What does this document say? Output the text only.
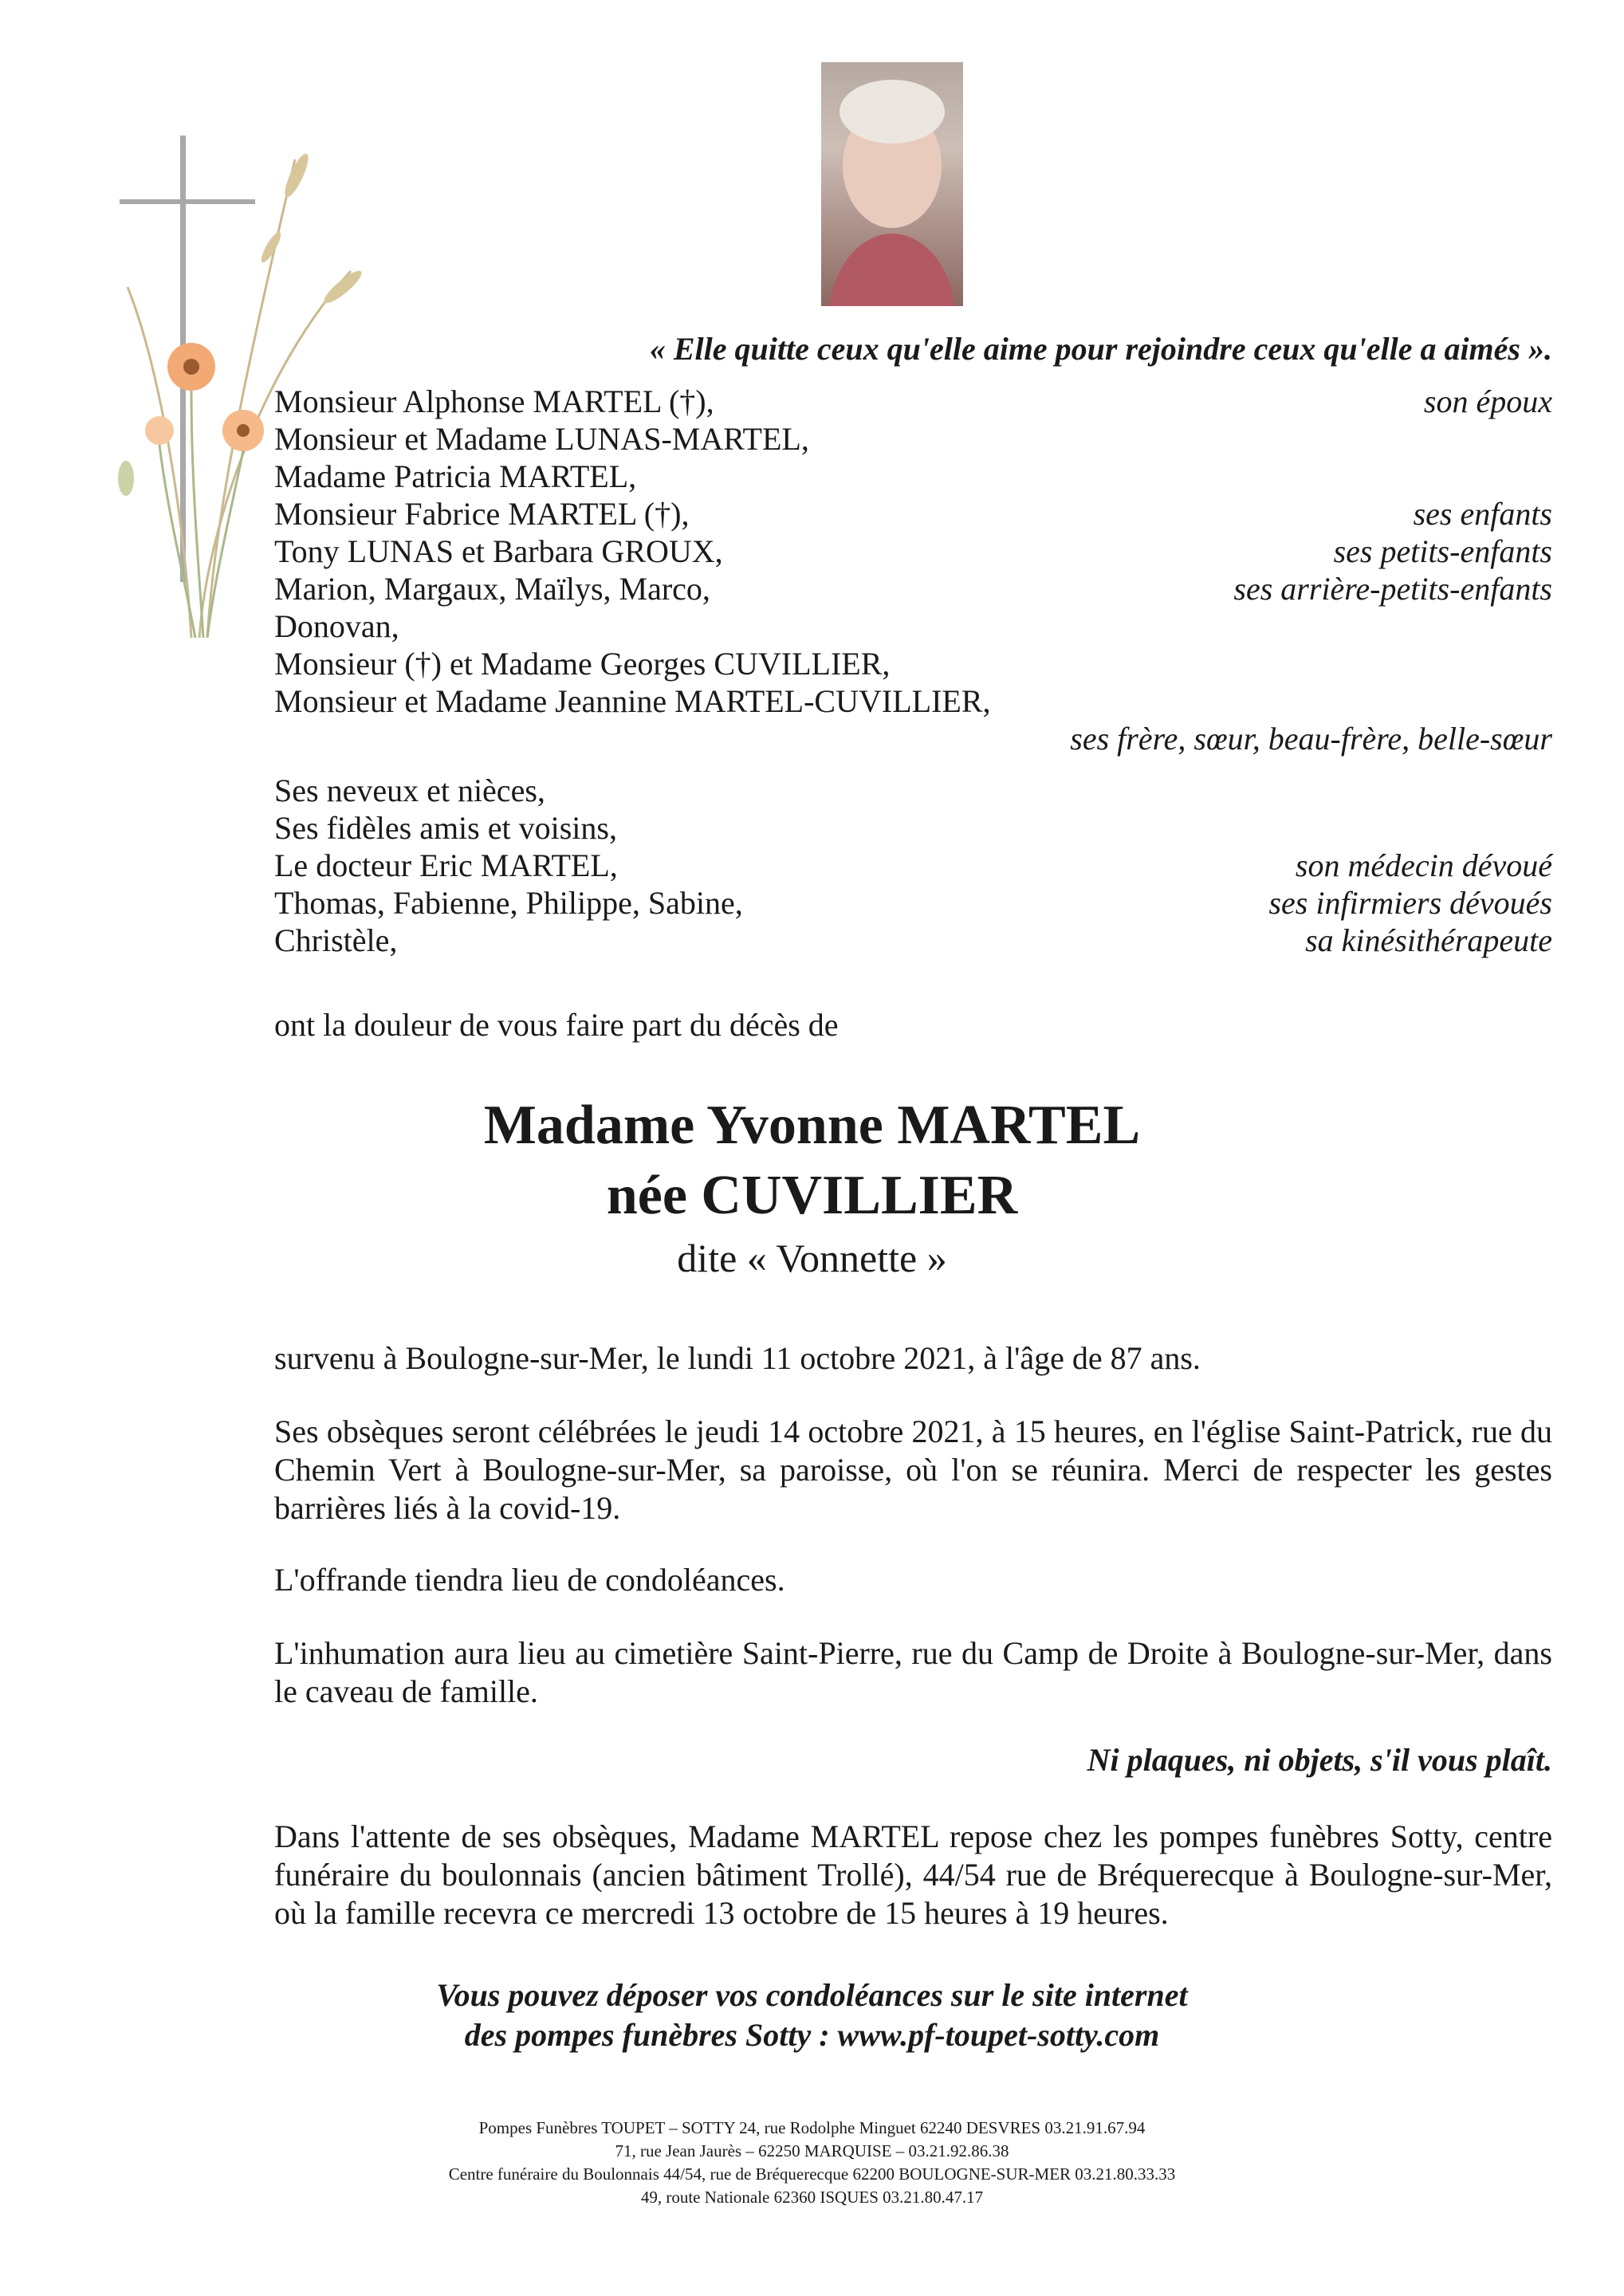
« Elle quitte ceux qu'elle aime pour rejoindre ceux qu'elle a aimés ».
Monsieur Alphonse MARTEL (†),	son époux
Monsieur et Madame LUNAS-MARTEL,
Madame Patricia MARTEL,
Monsieur Fabrice MARTEL (†),	ses enfants
Tony LUNAS et Barbara GROUX,	ses petits-enfants
Marion, Margaux, Maïlys, Marco,	ses arrière-petits-enfants
Donovan,
Monsieur (†) et Madame Georges CUVILLIER,
Monsieur et Madame Jeannine MARTEL-CUVILLIER,
ses frère, sœur, beau-frère, belle-sœur
Ses neveux et nièces,
Ses fidèles amis et voisins,
Le docteur Eric MARTEL,	son médecin dévoué
Thomas, Fabienne, Philippe, Sabine,	ses infirmiers dévoués
Christèle,	sa kinésithérapeute
ont la douleur de vous faire part du décès de
Madame Yvonne MARTEL
née CUVILLIER
dite « Vonnette »
survenu à Boulogne-sur-Mer, le lundi 11 octobre 2021, à l'âge de 87 ans.
Ses obsèques seront célébrées le jeudi 14 octobre 2021, à 15 heures, en l'église Saint-Patrick, rue du Chemin Vert à Boulogne-sur-Mer, sa paroisse, où l'on se réunira. Merci de respecter les gestes barrières liés à la covid-19.
L'offrande tiendra lieu de condoléances.
L'inhumation aura lieu au cimetière Saint-Pierre, rue du Camp de Droite à Boulogne-sur-Mer, dans le caveau de famille.
Ni plaques, ni objets, s'il vous plaît.
Dans l'attente de ses obsèques, Madame MARTEL repose chez les pompes funèbres Sotty, centre funéraire du boulonnais (ancien bâtiment Trollé), 44/54 rue de Bréquerecque à Boulogne-sur-Mer, où la famille recevra ce mercredi 13 octobre de 15 heures à 19 heures.
Vous pouvez déposer vos condoléances sur le site internet
des pompes funèbres Sotty : www.pf-toupet-sotty.com
Pompes Funèbres TOUPET – SOTTY 24, rue Rodolphe Minguet 62240 DESVRES 03.21.91.67.94
71, rue Jean Jaurès – 62250 MARQUISE – 03.21.92.86.38
Centre funéraire du Boulonnais 44/54, rue de Bréquerecque 62200 BOULOGNE-SUR-MER 03.21.80.33.33
49, route Nationale 62360 ISQUES 03.21.80.47.17
